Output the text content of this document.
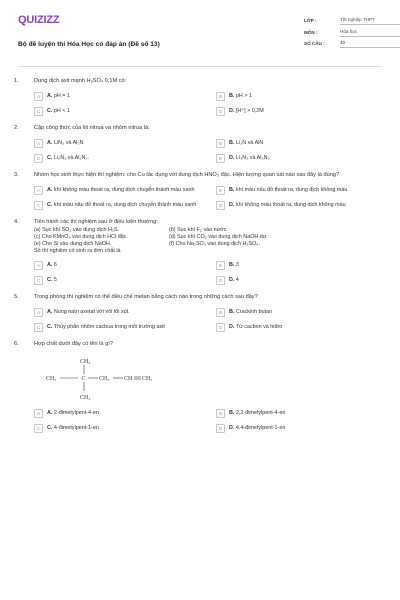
QUIZIZZ
Bộ đề luyện thi Hóa Học có đáp án (Đề số 13)
LỚP :	Tốt nghiệp THPT
MÔN :	Hóa học
SỐ CÂU :	40
1.	Dung dịch axit mạnh H₂SO₄ 0,1M có:
A	A. pH = 1	B	B. pH > 1
C	C. pH < 1	D	D. [H⁺] > 0,2M
2.	Cặp công thức của liti nitrua và nhôm nitrua là:
A	A. LiN₃ và Al₃N	B	B. Li₃N và AlN
C	C. Li₂N₃ và Al₂N₃.	D	D. Li₃N₂ và Al₃N₂
3.	Nhóm học sinh thực hiện thí nghiệm: cho Cu tác dụng với dung dịch HNO₃ đặc. Hiện tượng quan sát nào sau đây là đúng?
A	A. khí không màu thoát ra, dung dịch chuyển thành màu xanh	B	B. khí màu nâu đỏ thoát ra, dung dịch không màu
C	C. khí màu nâu đỏ thoát ra, dung dịch chuyển thành màu xanh	D	D. khí không màu thoát ra, dung dịch không màu
4.	Tiến hành các thí nghiệm sau ở điều kiện thường:
(a) Sục khí SO₂ vào dung dịch H₂S.	(b) Sục khí F₂ vào nước
(c) Cho KMnO₄ vào dung dịch HCl đặc.	(d) Sục khí CO₂ vào dung dịch NaOH dư.
(e) Cho Si vào dung dịch NaOH.	(f) Cho Na₂SO₃ vào dung dịch H₂SO₄.
Số thí nghiệm có sinh ra đơn chất là
A	A. 6	B	B. 3
C	C. 5	D	D. 4
5.	Trong phòng thí nghiệm có thể điều chế metan bằng cách nào trong những cách sau đây?
A	A. Nung natri axetat với vôi tôi xút.	B	B. Crackinh butan
C	C. Thủy phân nhôm cacbua trong môi trường axit	D	D. Từ cacbon và hiđro
6.	Hợp chất dưới đây có tên là gì?
CH₃
CH₃	C CH₂ CH CH₂
CH₃
A	A. 2-đimetylpent-4-en	B	B. 2,2-đimetylpent-4-en
C	C. 4-đimetylpent-1-en	D	D. 4,4-đimetylpent-1-en
